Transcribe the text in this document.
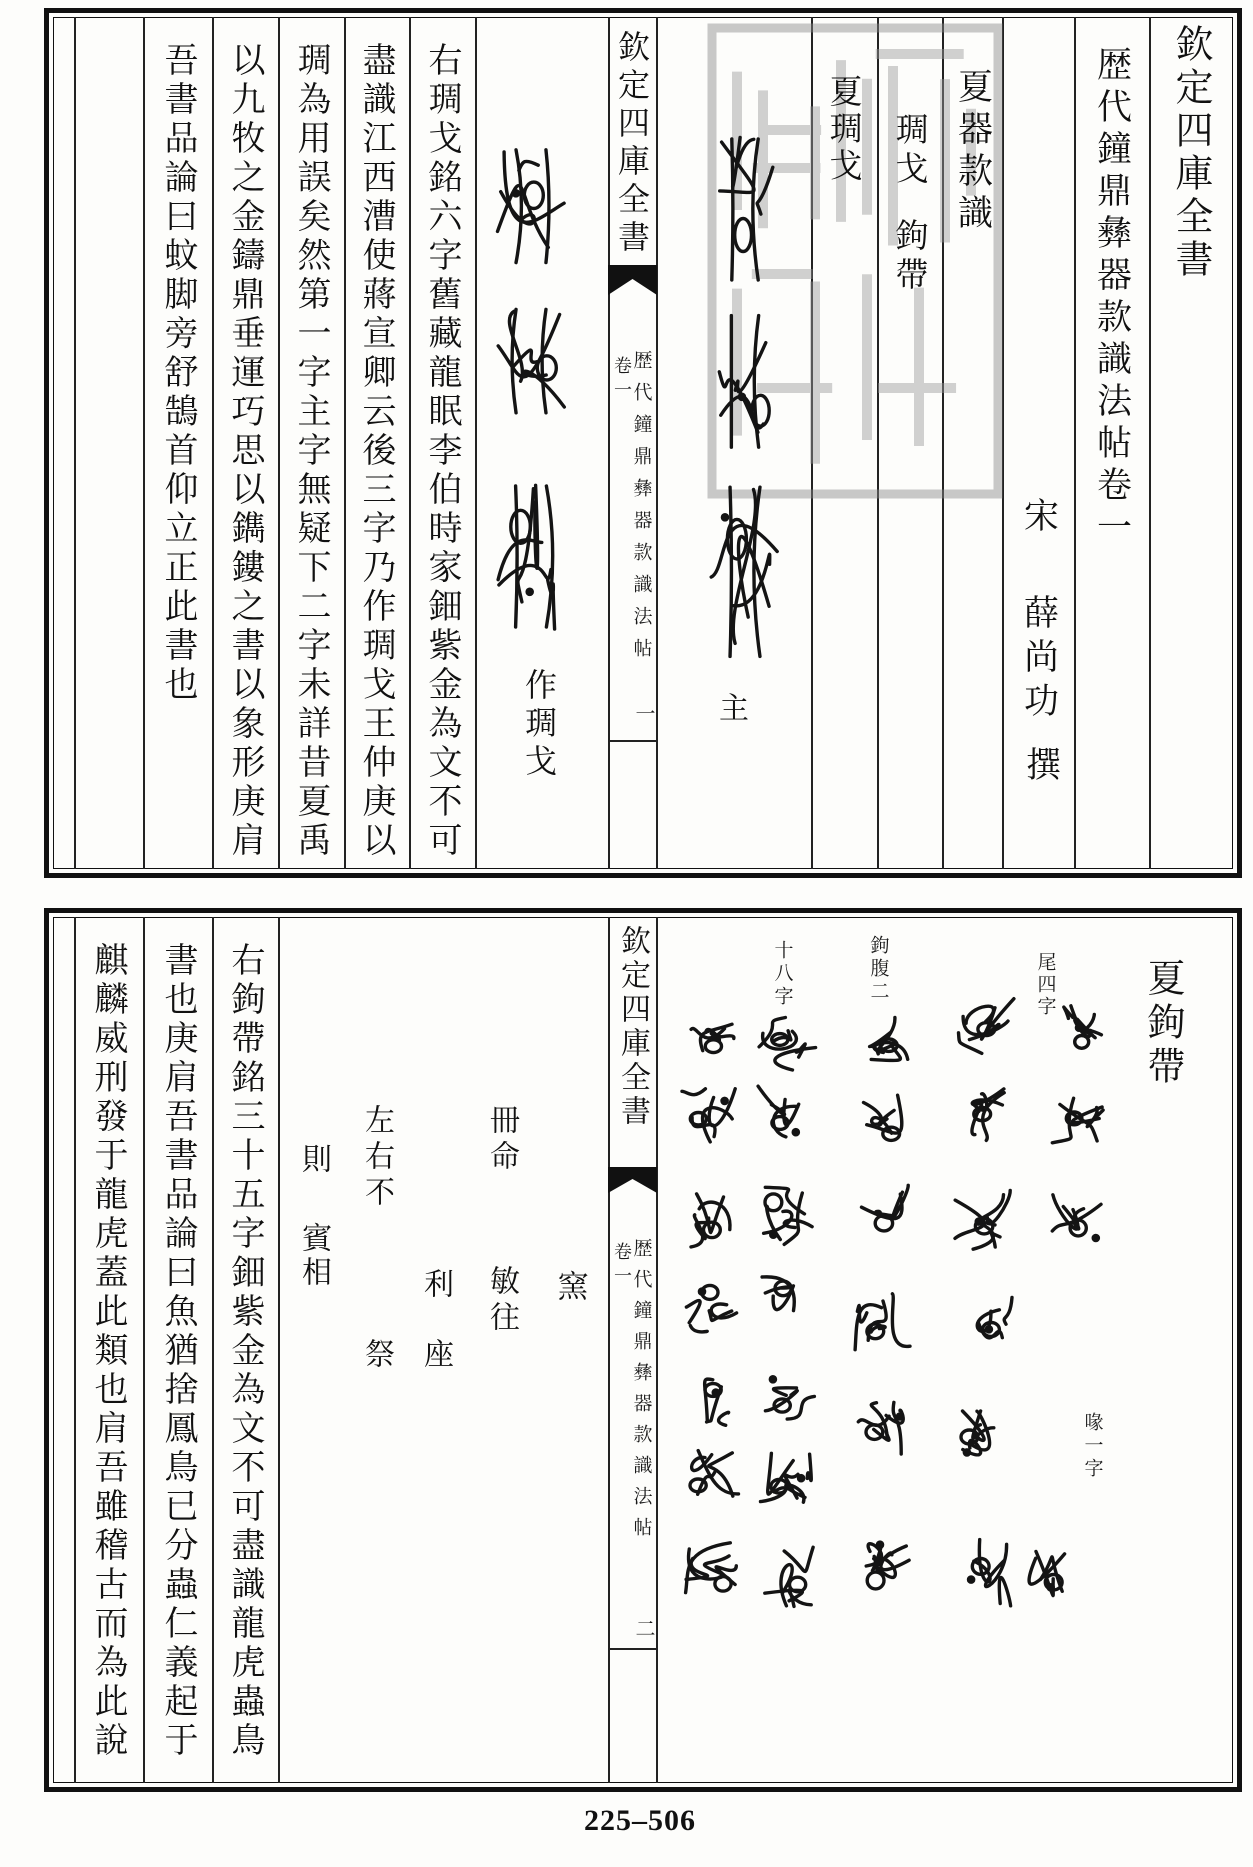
欽定四庫全書
歴代鐘鼎彝器款識法帖卷一
宋
薛尚功
撰
夏器款識
琱戈
鉤帶
夏琱戈
主
欽定四庫全書
歴代鐘鼎彝器款識法帖
卷一
一
作琱戈
右琱戈銘六字舊藏龍眠李伯時家鈿紫金為文不可
盡識江西漕使蔣宣卿云後三字乃作琱戈王仲庚以
琱為用誤矣然第一字主字無疑下二字未詳昔夏禹
以九牧之金鑄鼎垂運巧思以鐫鏤之書以象形庚肩
吾書品論曰蚊脚旁舒鵠首仰立正此書也
夏鉤帶
尾四字
喙一字
鉤腹二
十八字
欽定四庫全書
歴代鐘鼎彝器款識法帖
卷一
二
窯
冊命
敏往
利
座
左右不
祭
則
賓相
右鉤帶銘三十五字鈿紫金為文不可盡識龍虎蟲鳥
書也庚肩吾書品論曰魚猶捨鳳鳥已分蟲仁義起于
麒麟威刑發于龍虎蓋此類也肩吾雖稽古而為此說
225–506
